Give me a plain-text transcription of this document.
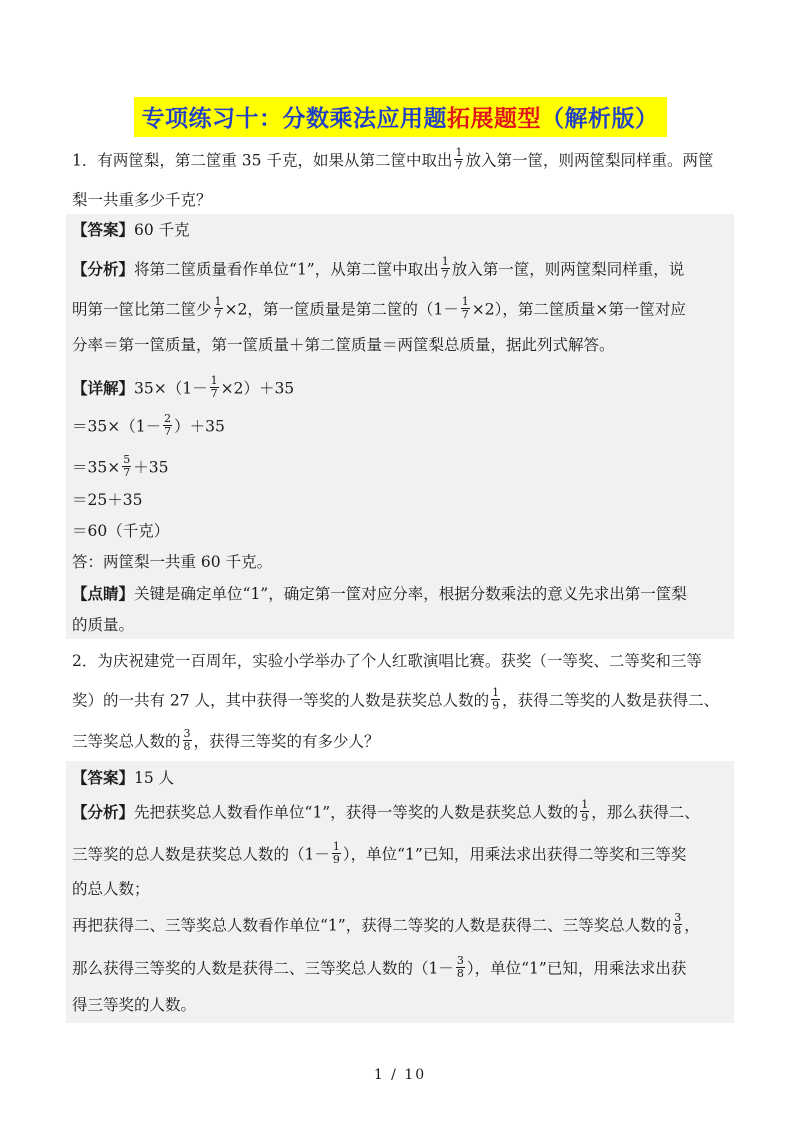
专项练习十：分数乘法应用题拓展题型（解析版）
1．有两筐梨，第二筐重 35 千克，如果从第二筐中取出 $\frac{1}{7}$ 放入第一筐，则两筐梨同样重。两筐
梨一共重多少千克？
【答案】60 千克
【分析】将第二筐质量看作单位“1”，从第二筐中取出 $\frac{1}{7}$ 放入第一筐，则两筐梨同样重，说
明第一筐比第二筐少 $\frac{1}{7} \times 2$，第一筐质量是第二筐的$(1- \frac{1}{7} \times 2)$，第二筐质量×第一筐对应
分率＝第一筐质量，第一筐质量＋第二筐质量＝两筐梨总质量，据此列式解答。
【详解】$35\times(1- \frac{1}{7} \times 2)+35$
$=35\times(1- \frac{2}{7} )+35$
$=35\times \frac{5}{7} +35$
＝25＋35
＝60（千克）
答：两筐梨一共重 60 千克。
【点睛】关键是确定单位“1”，确定第一筐对应分率，根据分数乘法的意义先求出第一筐梨
的质量。
2．为庆祝建党一百周年，实验小学举办了个人红歌演唱比赛。获奖（一等奖、二等奖和三等
奖）的一共有 27 人，其中获得一等奖的人数是获奖总人数的 $\frac{1}{9}$ ，获得二等奖的人数是获得二、
三等奖总人数的 $\frac{3}{8}$ ，获得三等奖的有多少人？
【答案】15 人
【分析】先把获奖总人数看作单位“1”，获得一等奖的人数是获奖总人数的 $\frac{1}{9}$ ，那么获得二、
三等奖的总人数是获奖总人数的（$1- \frac{1}{9}$ ），单位“1”已知，用乘法求出获得二等奖和三等奖
的总人数；
再把获得二、三等奖总人数看作单位“1”，获得二等奖的人数是获得二、三等奖总人数的 $\frac{3}{8}$ ，
那么获得三等奖的人数是获得二、三等奖总人数的（$1- \frac{3}{8}$ ），单位“1”已知，用乘法求出获
得三等奖的人数。
1 / 10
